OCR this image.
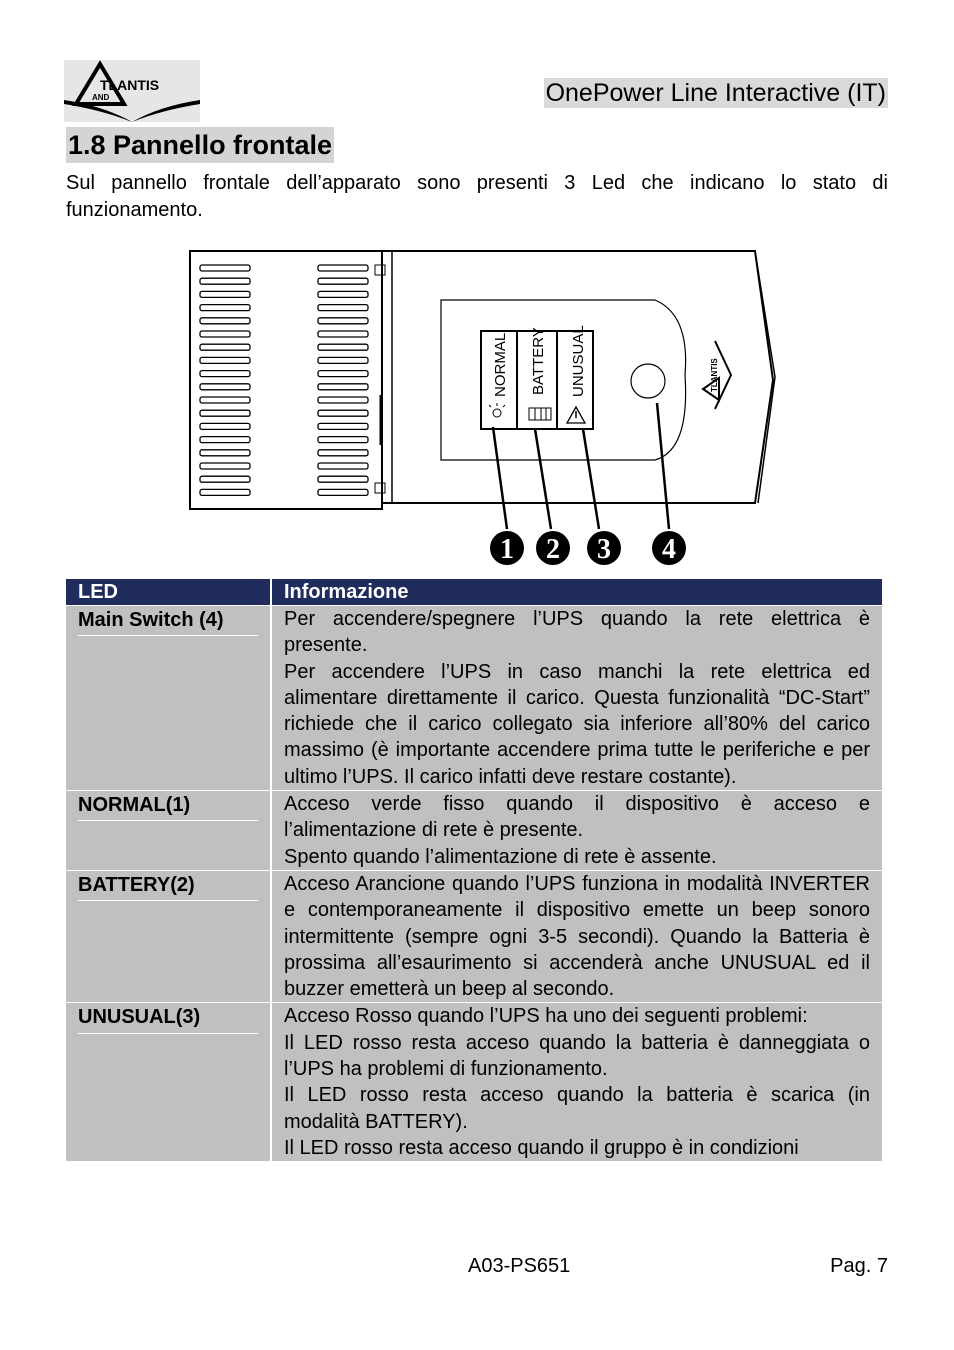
TLANTIS
AND	OnePower Line Interactive (IT)
1.8 Pannello frontale

Sul pannello frontale dell’apparato sono presenti 3 Led che indicano lo stato di funzionamento.

NORMAL BATTERY UNUSUAL	TLANTIS
1 2 3 4
LED	Informazione

Main Switch (4)	Per accendere/spegnere l’UPS quando la rete elettrica è presente.

Per accendere l’UPS in caso manchi la rete elettrica ed alimentare direttamente il carico. Questa funzionalità “DC-Start” richiede che il carico collegato sia inferiore all’80% del carico massimo (è importante accendere prima tutte le periferiche e per ultimo l’UPS. Il carico infatti deve restare costante).

NORMAL(1)	Acceso verde fisso quando il dispositivo è acceso e l’alimentazione di rete è presente.

Spento quando l’alimentazione di rete è assente.

BATTERY(2)	Acceso Arancione quando l’UPS funziona in modalità INVERTER e contemporaneamente il dispositivo emette un beep sonoro intermittente (sempre ogni 3-5 secondi). Quando la Batteria è prossima all’esaurimento si accenderà anche UNUSUAL ed il buzzer emetterà un beep al secondo.

UNUSUAL(3)	Acceso Rosso quando l’UPS ha uno dei seguenti problemi:

Il LED rosso resta acceso quando la batteria è danneggiata o l’UPS ha problemi di funzionamento.

Il LED rosso resta acceso quando la batteria è scarica (in modalità BATTERY).

Il LED rosso resta acceso quando il gruppo è in condizioni

A03-PS651	Pag. 7
